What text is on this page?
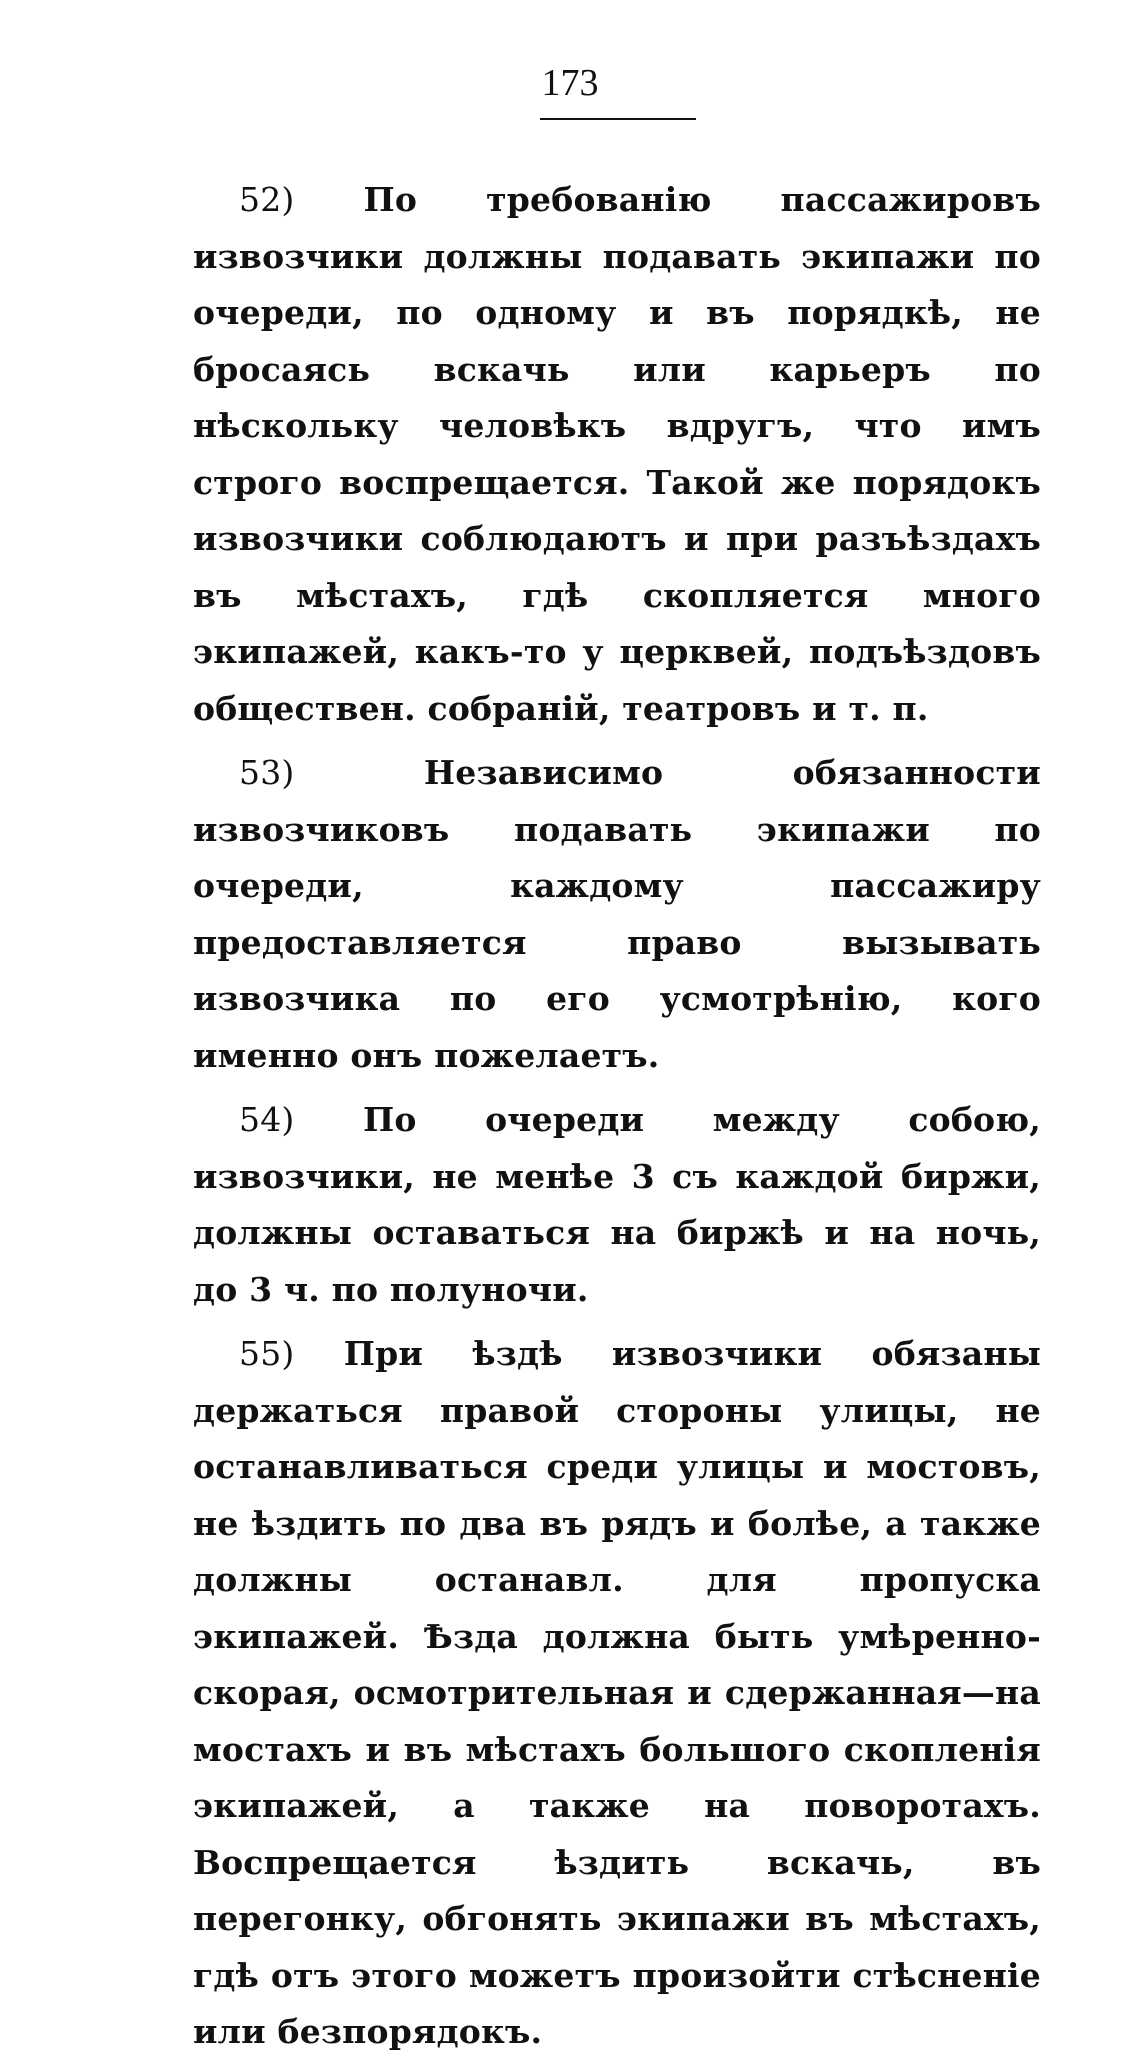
173

52) По требованію пассажировъ извозчики должны подавать экипажи по очереди, по одному и въ порядкѣ, не бросаясь вскачь или карьеръ по нѣскольку человѣкъ вдругъ, что имъ строго воспрещается. Такой же порядокъ извозчики соблюдаютъ и при разъѣздахъ въ мѣстахъ, гдѣ скопляется много экипажей, какъ-то у церквей, подъѣздовъ обществен. собраній, театровъ и т. п.

53)	Независимо обязанности извозчиковъ подавать экипажи по очереди, каждому пассажиру предоставляется право вызывать извозчика по его усмотрѣнію, кого именно онъ пожелаетъ.

54) По очереди между собою, извозчики, не менѣе 3 съ каждой биржи, должны оставаться на биржѣ и на ночь, до 3 ч. по полуночи.

55) При ѣздѣ извозчики обязаны держаться правой стороны улицы, не останавливаться среди улицы и мостовъ, не ѣздить по два въ рядъ и болѣе, а также должны останавл. для пропуска экипажей. Ѣзда должна быть умѣренно-скорая, осмотрительная и сдержанная—на мостахъ и въ мѣстахъ большого скопленія экипажей, а также на поворотахъ. Воспрещается ѣздить вскачь, въ перегонку, обгонять экипажи въ мѣстахъ, гдѣ отъ этого можетъ произойти стѣсненіе или безпорядокъ.
